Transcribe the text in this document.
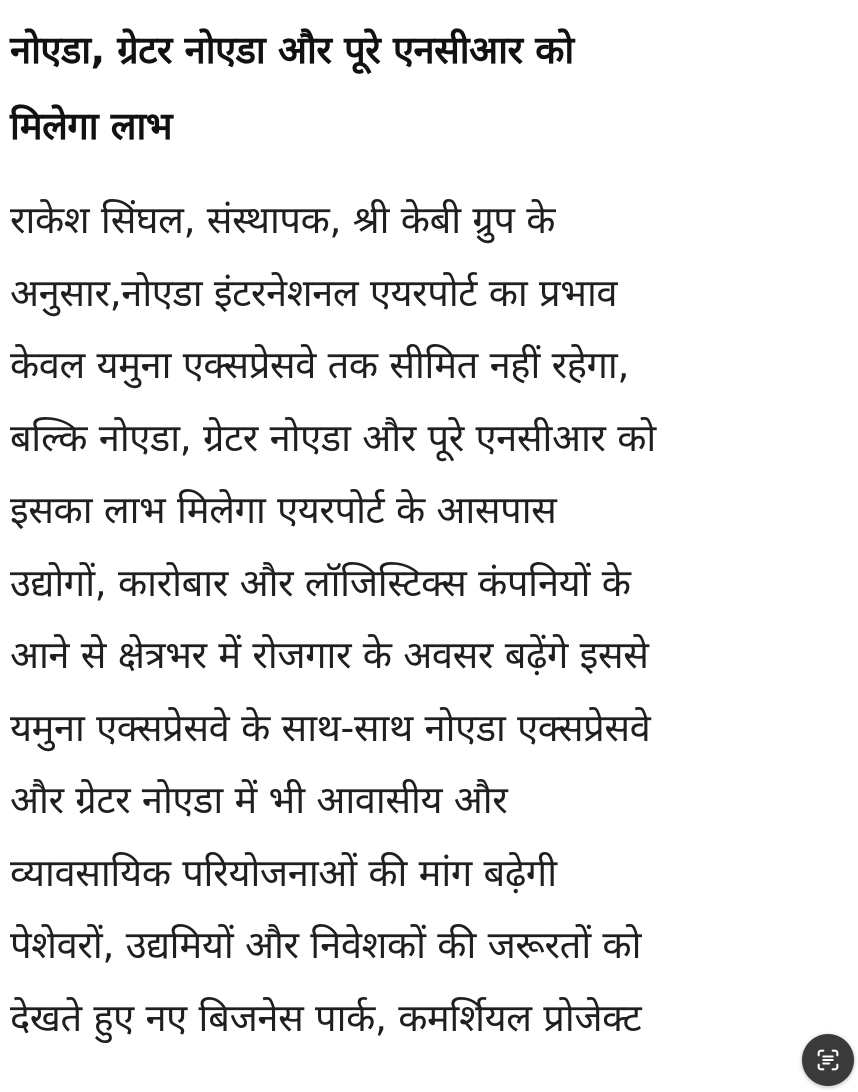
नोएडा, ग्रेटर नोएडा और पूरे एनसीआर को
मिलेगा लाभ
राकेश सिंघल, संस्थापक, श्री केबी ग्रुप के
अनुसार,नोएडा इंटरनेशनल एयरपोर्ट का प्रभाव
केवल यमुना एक्सप्रेसवे तक सीमित नहीं रहेगा,
बल्कि नोएडा, ग्रेटर नोएडा और पूरे एनसीआर को
इसका लाभ मिलेगा एयरपोर्ट के आसपास
उद्योगों, कारोबार और लॉजिस्टिक्स कंपनियों के
आने से क्षेत्रभर में रोजगार के अवसर बढ़ेंगे इससे
यमुना एक्सप्रेसवे के साथ-साथ नोएडा एक्सप्रेसवे
और ग्रेटर नोएडा में भी आवासीय और
व्यावसायिक परियोजनाओं की मांग बढ़ेगी
पेशेवरों, उद्यमियों और निवेशकों की जरूरतों को
देखते हुए नए बिजनेस पार्क, कमर्शियल प्रोजेक्ट
